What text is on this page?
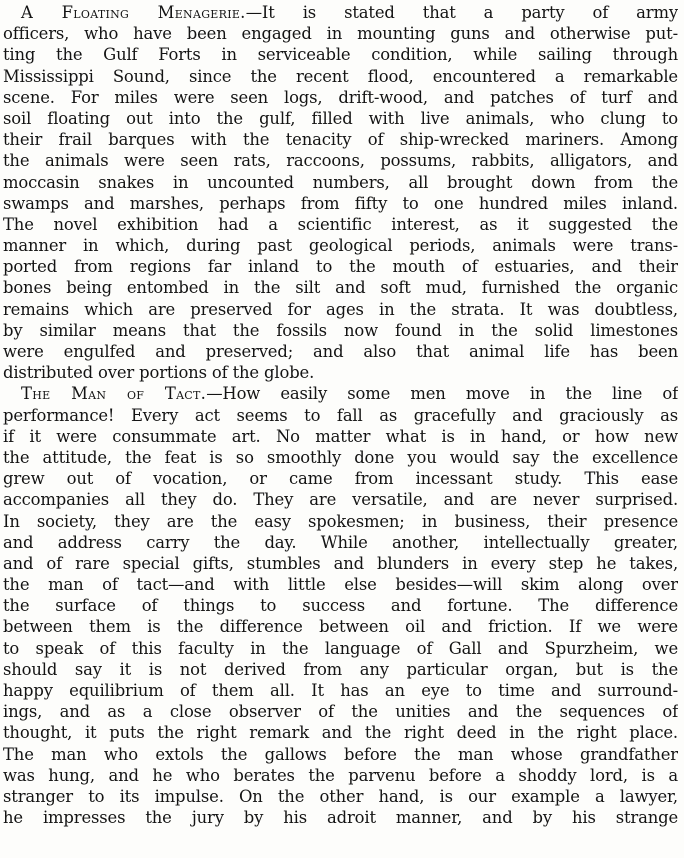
A Floating Menagerie.—It is stated that a party of army
officers, who have been engaged in mounting guns and otherwise put-
ting the Gulf Forts in serviceable condition, while sailing through
Mississippi Sound, since the recent flood, encountered a remarkable
scene. For miles were seen logs, drift-wood, and patches of turf and
soil floating out into the gulf, filled with live animals, who clung to
their frail barques with the tenacity of ship-wrecked mariners. Among
the animals were seen rats, raccoons, possums, rabbits, alligators, and
moccasin snakes in uncounted numbers, all brought down from the
swamps and marshes, perhaps from fifty to one hundred miles inland.
The novel exhibition had a scientific interest, as it suggested the
manner in which, during past geological periods, animals were trans-
ported from regions far inland to the mouth of estuaries, and their
bones being entombed in the silt and soft mud, furnished the organic
remains which are preserved for ages in the strata. It was doubtless,
by similar means that the fossils now found in the solid limestones
were engulfed and preserved; and also that animal life has been
distributed over portions of the globe.
The Man of Tact.—How easily some men move in the line of
performance! Every act seems to fall as gracefully and graciously as
if it were consummate art. No matter what is in hand, or how new
the attitude, the feat is so smoothly done you would say the excellence
grew out of vocation, or came from incessant study. This ease
accompanies all they do. They are versatile, and are never surprised.
In society, they are the easy spokesmen; in business, their presence
and address carry the day. While another, intellectually greater,
and of rare special gifts, stumbles and blunders in every step he takes,
the man of tact—and with little else besides—will skim along over
the surface of things to success and fortune. The difference
between them is the difference between oil and friction. If we were
to speak of this faculty in the language of Gall and Spurzheim, we
should say it is not derived from any particular organ, but is the
happy equilibrium of them all. It has an eye to time and surround-
ings, and as a close observer of the unities and the sequences of
thought, it puts the right remark and the right deed in the right place.
The man who extols the gallows before the man whose grandfather
was hung, and he who berates the parvenu before a shoddy lord, is a
stranger to its impulse. On the other hand, is our example a lawyer,
he impresses the jury by his adroit manner, and by his strange
